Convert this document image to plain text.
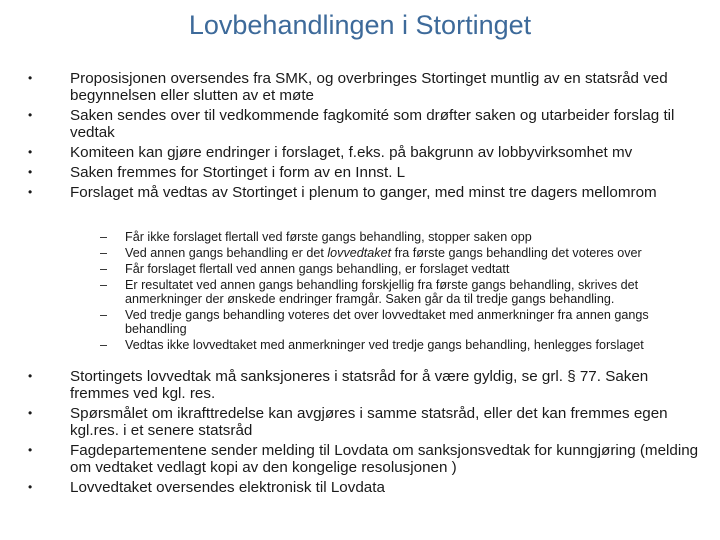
Lovbehandlingen i Stortinget
• Proposisjonen oversendes fra SMK, og overbringes Stortinget muntlig av en statsråd ved begynnelsen eller slutten av et møte
• Saken sendes over til vedkommende fagkomité som drøfter saken og utarbeider forslag til vedtak
• Komiteen kan gjøre endringer i forslaget, f.eks. på bakgrunn av lobbyvirksomhet mv
• Saken fremmes for Stortinget i form av en Innst. L
• Forslaget må vedtas av Stortinget i plenum to ganger, med minst tre dagers mellomrom
– Får ikke forslaget flertall ved første gangs behandling, stopper saken opp
– Ved annen gangs behandling er det lovvedtaket fra første gangs behandling det voteres over
– Får forslaget flertall ved annen gangs behandling, er forslaget vedtatt
– Er resultatet ved annen gangs behandling forskjellig fra første gangs behandling, skrives det anmerkninger der ønskede endringer framgår. Saken går da til tredje gangs behandling.
– Ved tredje gangs behandling voteres det over lovvedtaket med anmerkninger fra annen gangs behandling
– Vedtas ikke lovvedtaket med anmerkninger ved tredje gangs behandling, henlegges forslaget
• Stortingets lovvedtak må sanksjoneres i statsråd for å være gyldig, se grl. § 77. Saken fremmes ved kgl. res.
• Spørsmålet om ikrafttredelse kan avgjøres i samme statsråd, eller det kan fremmes egen kgl.res. i et senere statsråd
• Fagdepartementene sender melding til Lovdata om sanksjonsvedtak for kunngjøring (melding om vedtaket vedlagt kopi av den kongelige resolusjonen )
• Lovvedtaket oversendes elektronisk til Lovdata
